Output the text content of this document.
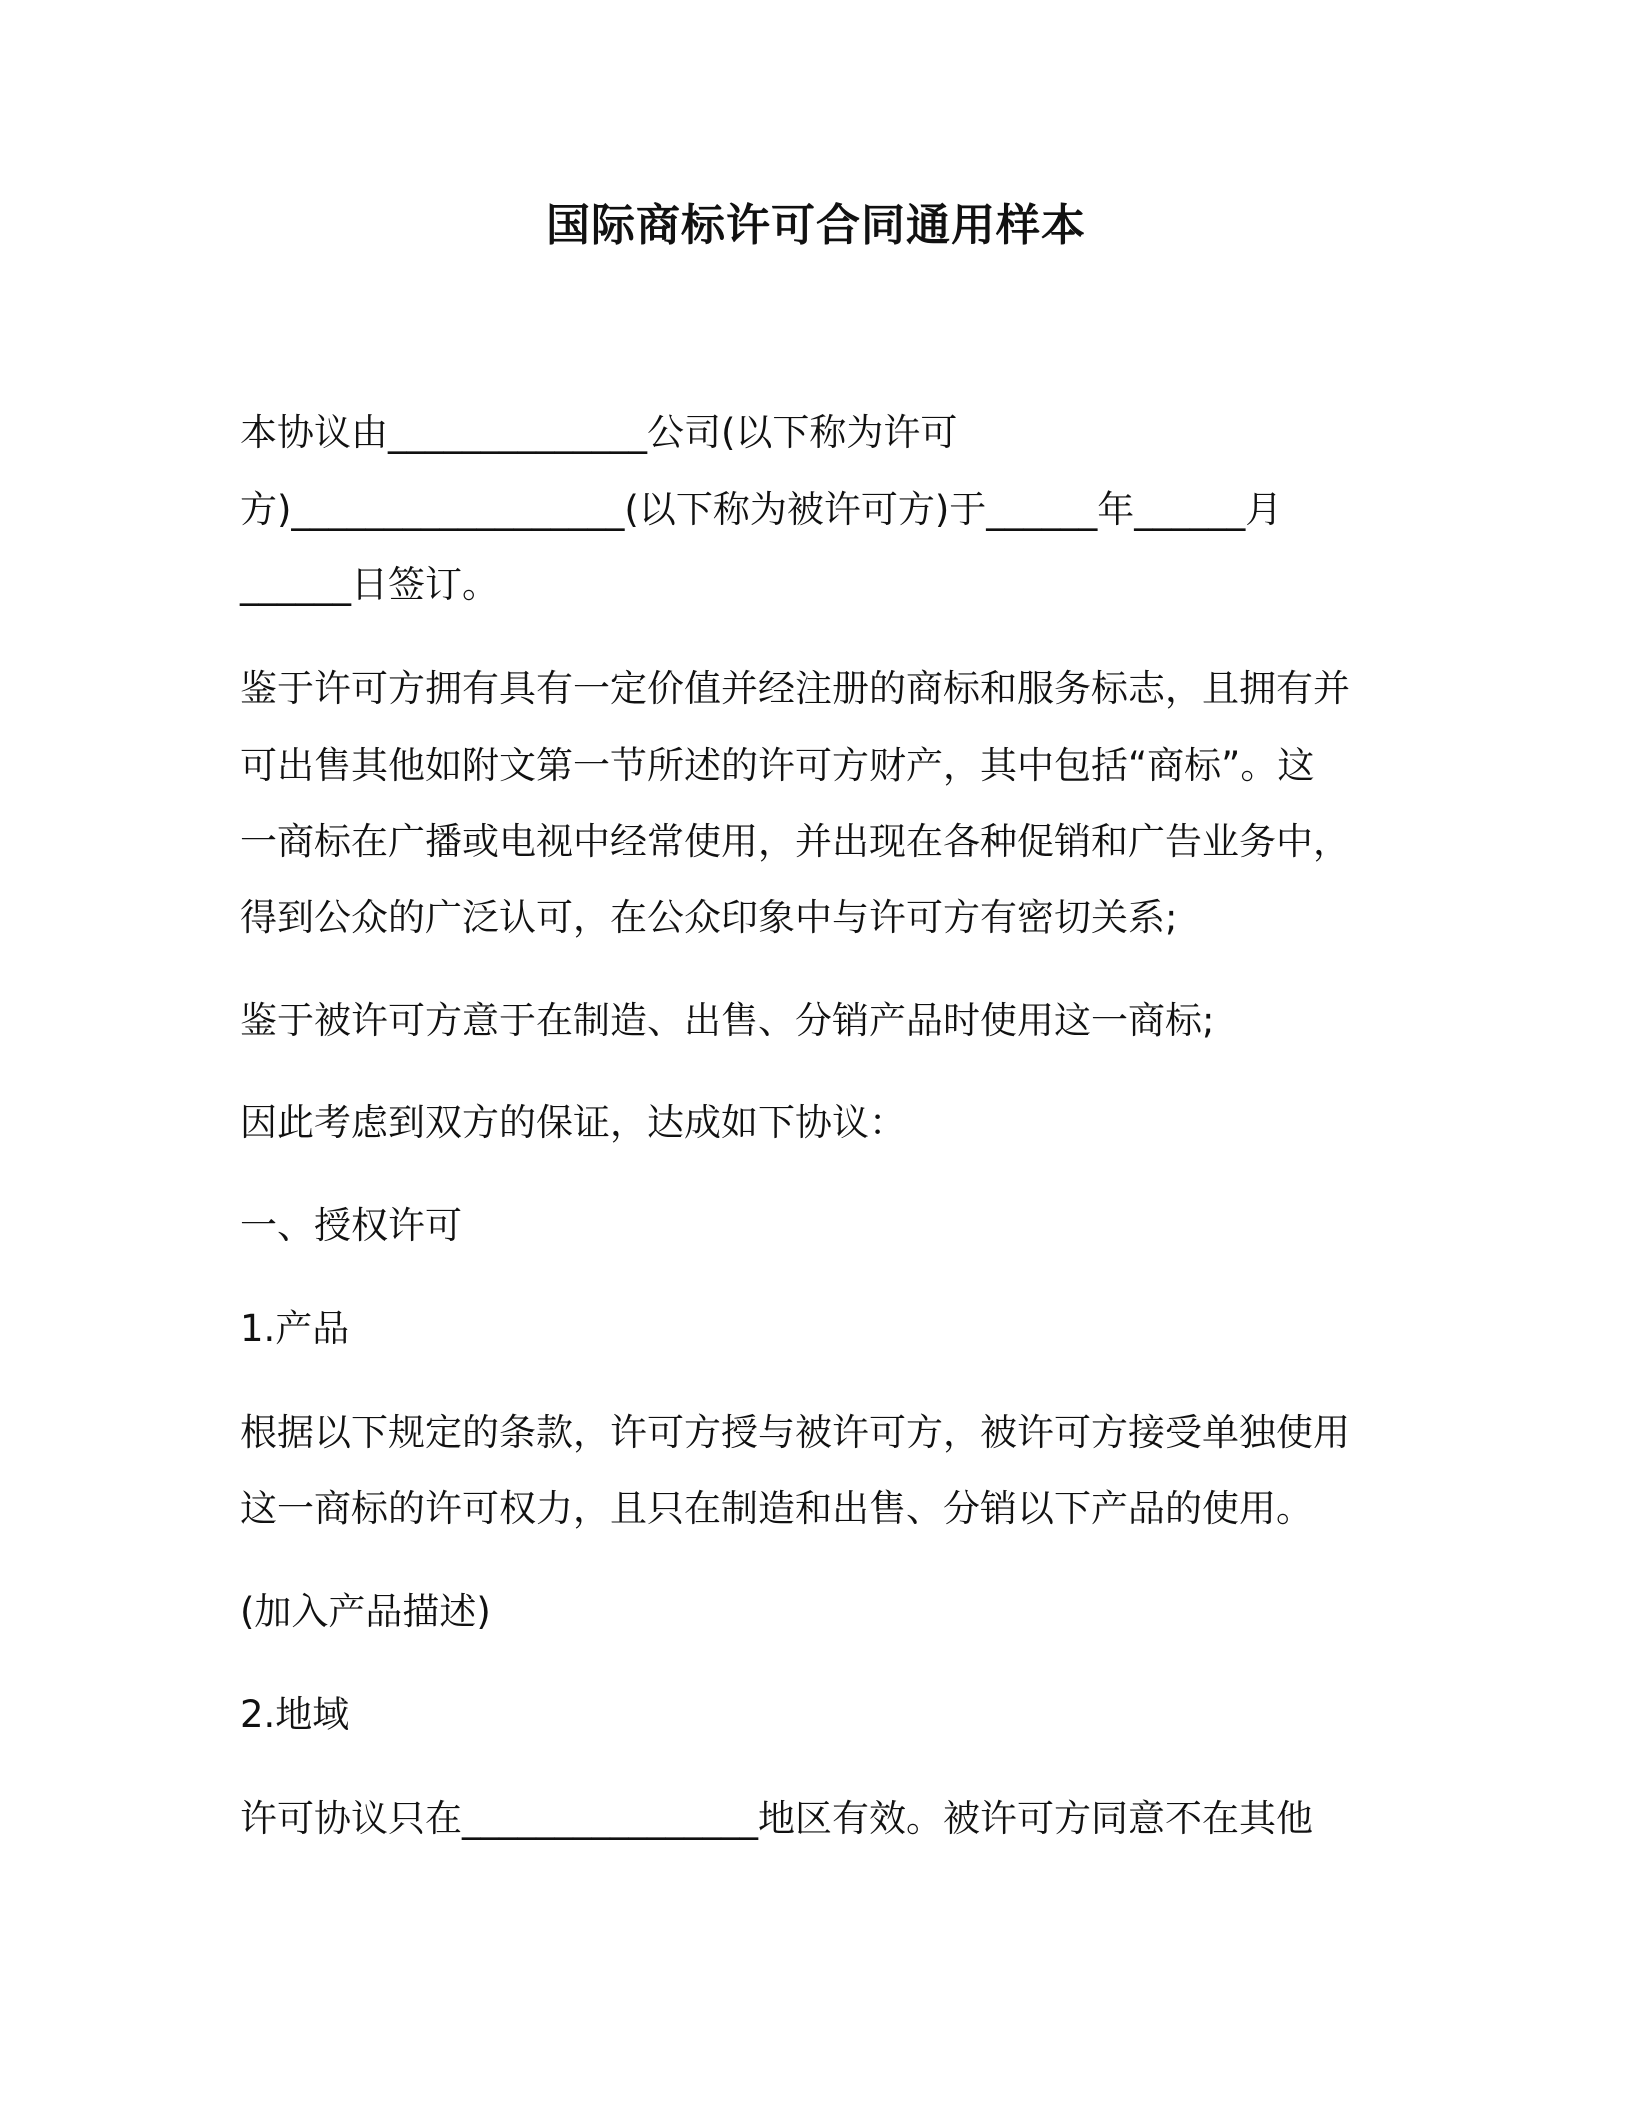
国际商标许可合同通用样本

本协议由______________公司(以下称为许可

方)__________________(以下称为被许可方)于______年______月

______日签订。

鉴于许可方拥有具有一定价值并经注册的商标和服务标志，且拥有并

可出售其他如附文第一节所述的许可方财产，其中包括“商标”。这

一商标在广播或电视中经常使用，并出现在各种促销和广告业务中，

得到公众的广泛认可，在公众印象中与许可方有密切关系;

鉴于被许可方意于在制造、出售、分销产品时使用这一商标;

因此考虑到双方的保证，达成如下协议：

一、授权许可

1.产品

根据以下规定的条款，许可方授与被许可方，被许可方接受单独使用

这一商标的许可权力，且只在制造和出售、分销以下产品的使用。

(加入产品描述)

2.地域

许可协议只在________________地区有效。被许可方同意不在其他
